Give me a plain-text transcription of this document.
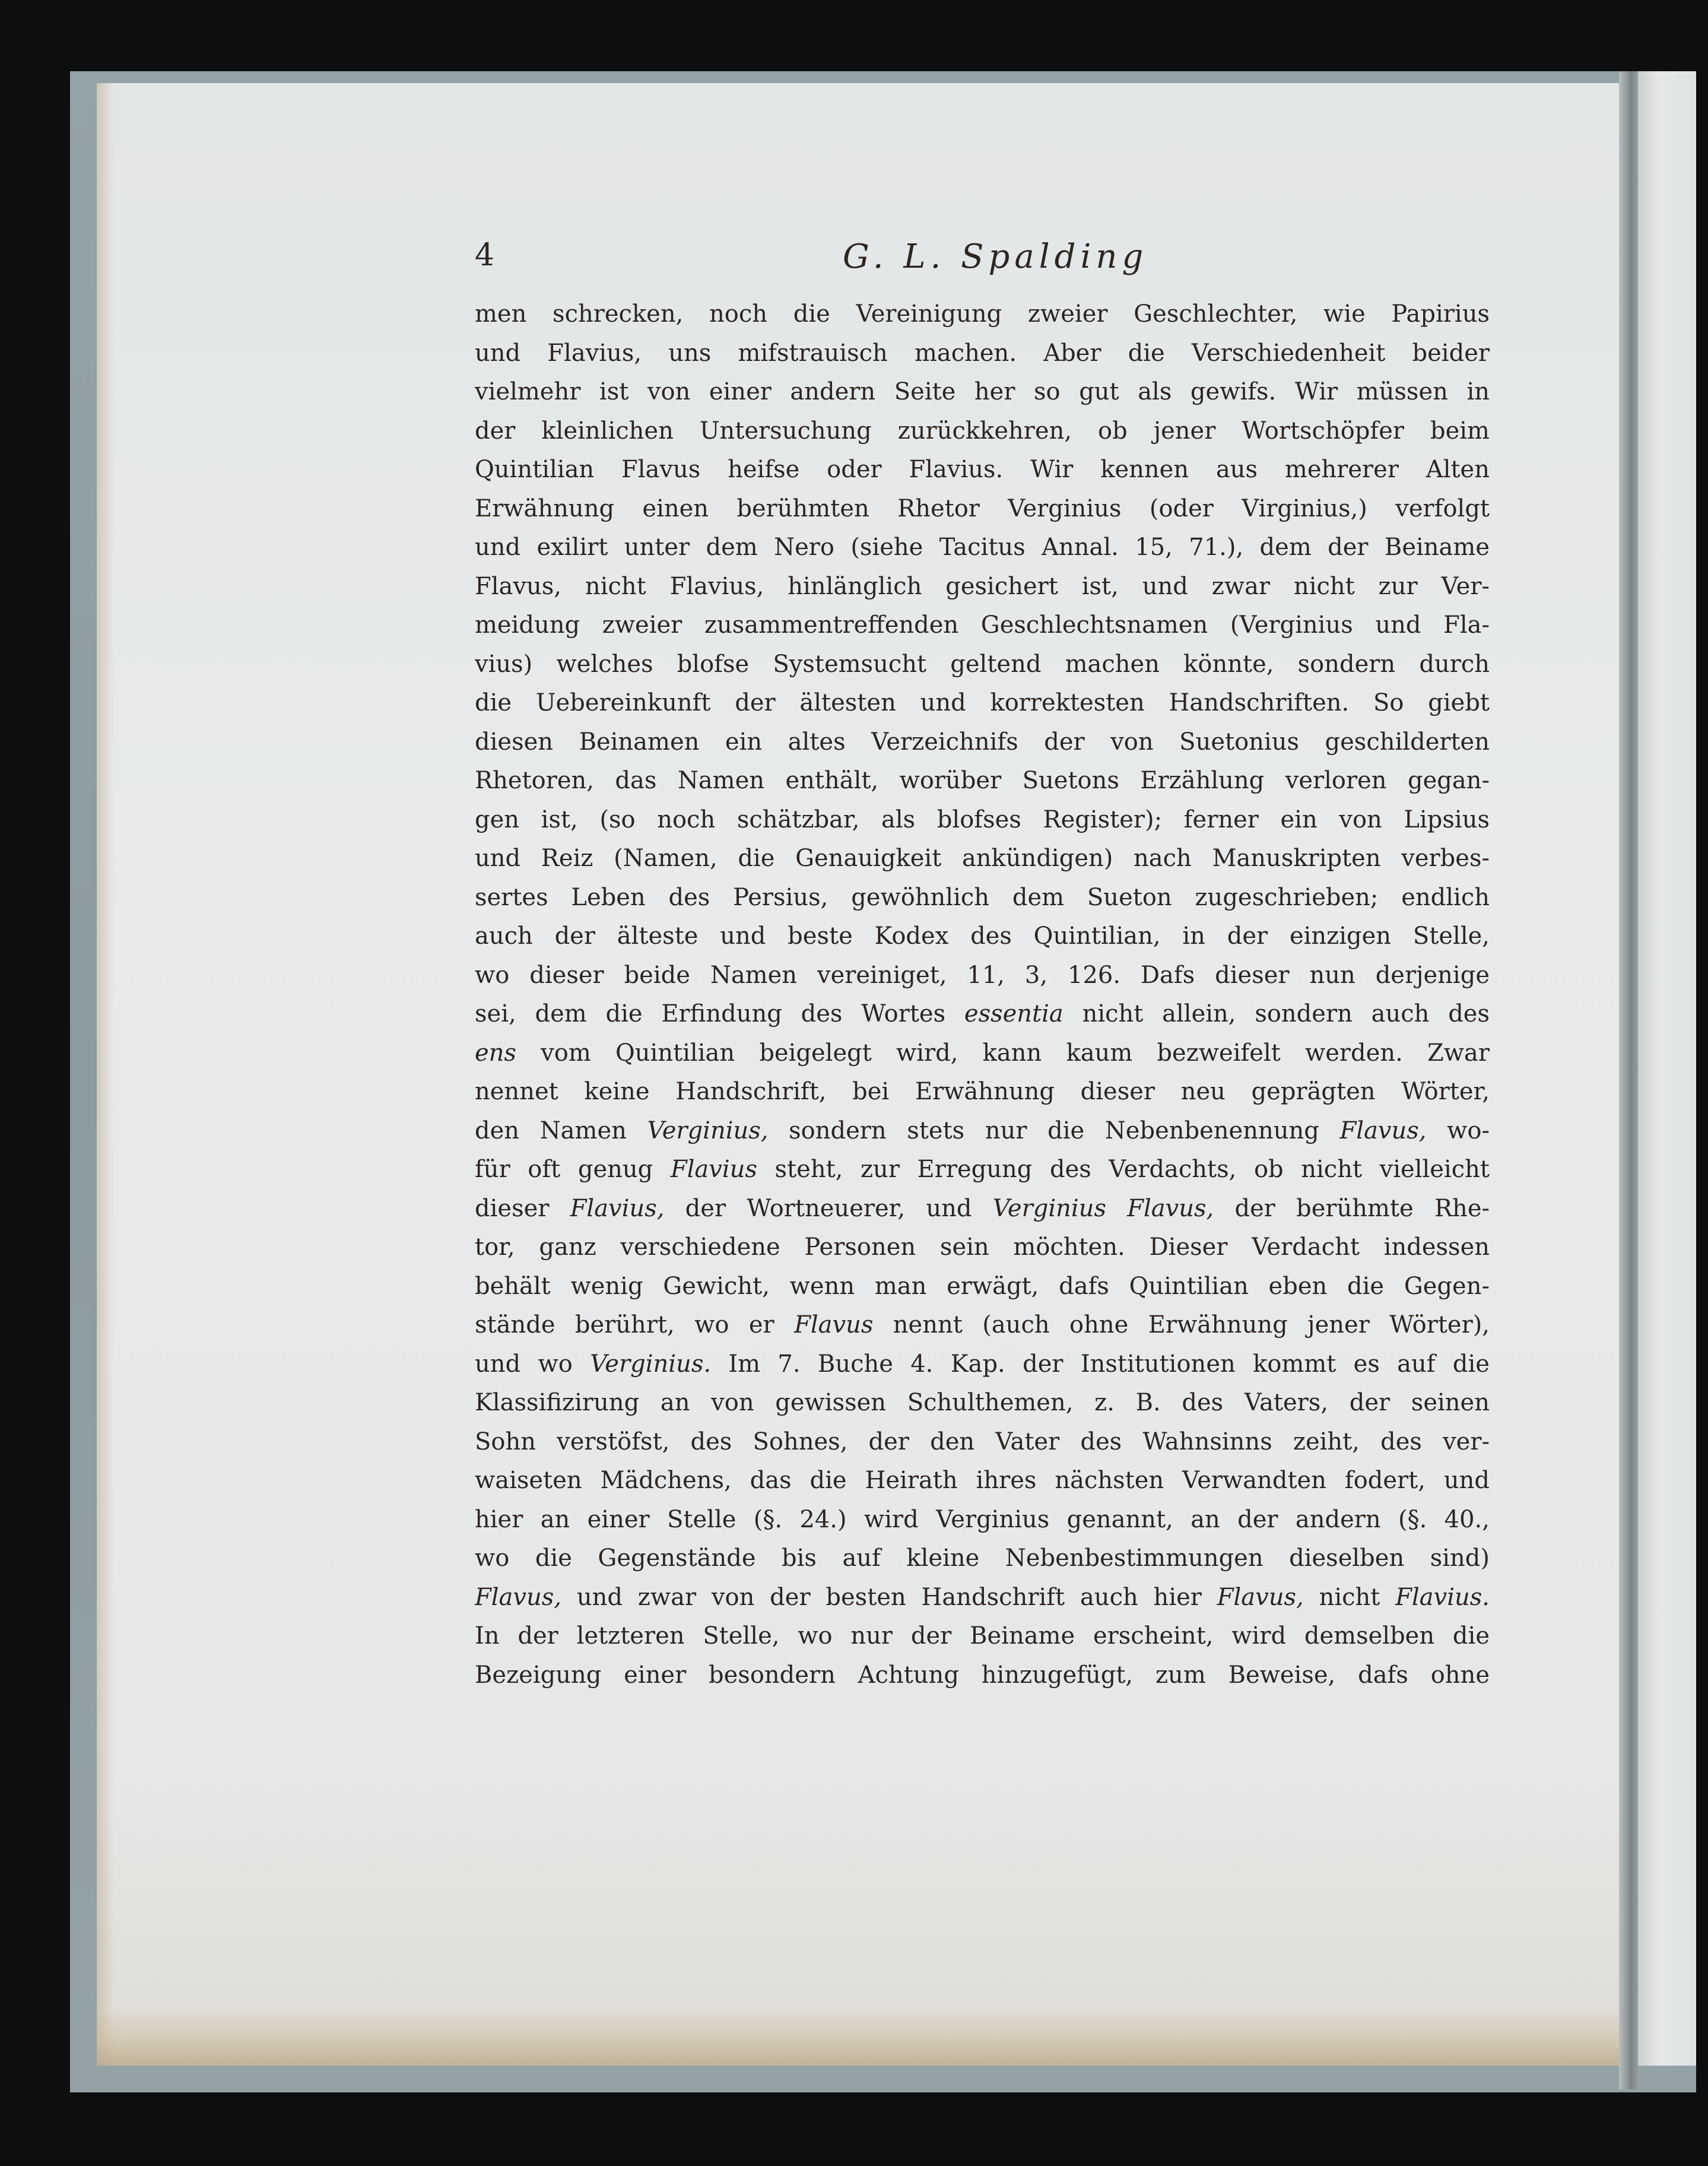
4	G. L. Spalding
men schrecken, noch die Vereinigung zweier Geschlechter, wie Papirius
und Flavius, uns mifstrauisch machen. Aber die Verschiedenheit beider
vielmehr ist von einer andern Seite her so gut als gewifs. Wir müssen in
der kleinlichen Untersuchung zurückkehren, ob jener Wortschöpfer beim
Quintilian Flavus heifse oder Flavius. Wir kennen aus mehrerer Alten
Erwähnung einen berühmten Rhetor Verginius (oder Virginius,) verfolgt
und exilirt unter dem Nero (siehe Tacitus Annal. 15, 71.), dem der Beiname
Flavus, nicht Flavius, hinlänglich gesichert ist, und zwar nicht zur Ver-
meidung zweier zusammentreffenden Geschlechtsnamen (Verginius und Fla-
vius) welches blofse Systemsucht geltend machen könnte, sondern durch
die Uebereinkunft der ältesten und korrektesten Handschriften. So giebt
diesen Beinamen ein altes Verzeichnifs der von Suetonius geschilderten
Rhetoren, das Namen enthält, worüber Suetons Erzählung verloren gegan-
gen ist, (so noch schätzbar, als blofses Register); ferner ein von Lipsius
und Reiz (Namen, die Genauigkeit ankündigen) nach Manuskripten verbes-
sertes Leben des Persius, gewöhnlich dem Sueton zugeschrieben; endlich
auch der älteste und beste Kodex des Quintilian, in der einzigen Stelle,
wo dieser beide Namen vereiniget, 11, 3, 126. Dafs dieser nun derjenige
sei, dem die Erfindung des Wortes essentia nicht allein, sondern auch des
ens vom Quintilian beigelegt wird, kann kaum bezweifelt werden. Zwar
nennet keine Handschrift, bei Erwähnung dieser neu geprägten Wörter,
den Namen Verginius, sondern stets nur die Nebenbenennung Flavus, wo-
für oft genug Flavius steht, zur Erregung des Verdachts, ob nicht vielleicht
dieser Flavius, der Wortneuerer, und Verginius Flavus, der berühmte Rhe-
tor, ganz verschiedene Personen sein möchten. Dieser Verdacht indessen
behält wenig Gewicht, wenn man erwägt, dafs Quintilian eben die Gegen-
stände berührt, wo er Flavus nennt (auch ohne Erwähnung jener Wörter),
und wo Verginius. Im 7. Buche 4. Kap. der Institutionen kommt es auf die
Klassifizirung an von gewissen Schulthemen, z. B. des Vaters, der seinen
Sohn verstöfst, des Sohnes, der den Vater des Wahnsinns zeiht, des ver-
waiseten Mädchens, das die Heirath ihres nächsten Verwandten fodert, und
hier an einer Stelle (§. 24.) wird Verginius genannt, an der andern (§. 40.,
wo die Gegenstände bis auf kleine Nebenbestimmungen dieselben sind)
Flavus, und zwar von der besten Handschrift auch hier Flavus, nicht Flavius.
In der letzteren Stelle, wo nur der Beiname erscheint, wird demselben die
Bezeigung einer besondern Achtung hinzugefügt, zum Beweise, dafs ohne
